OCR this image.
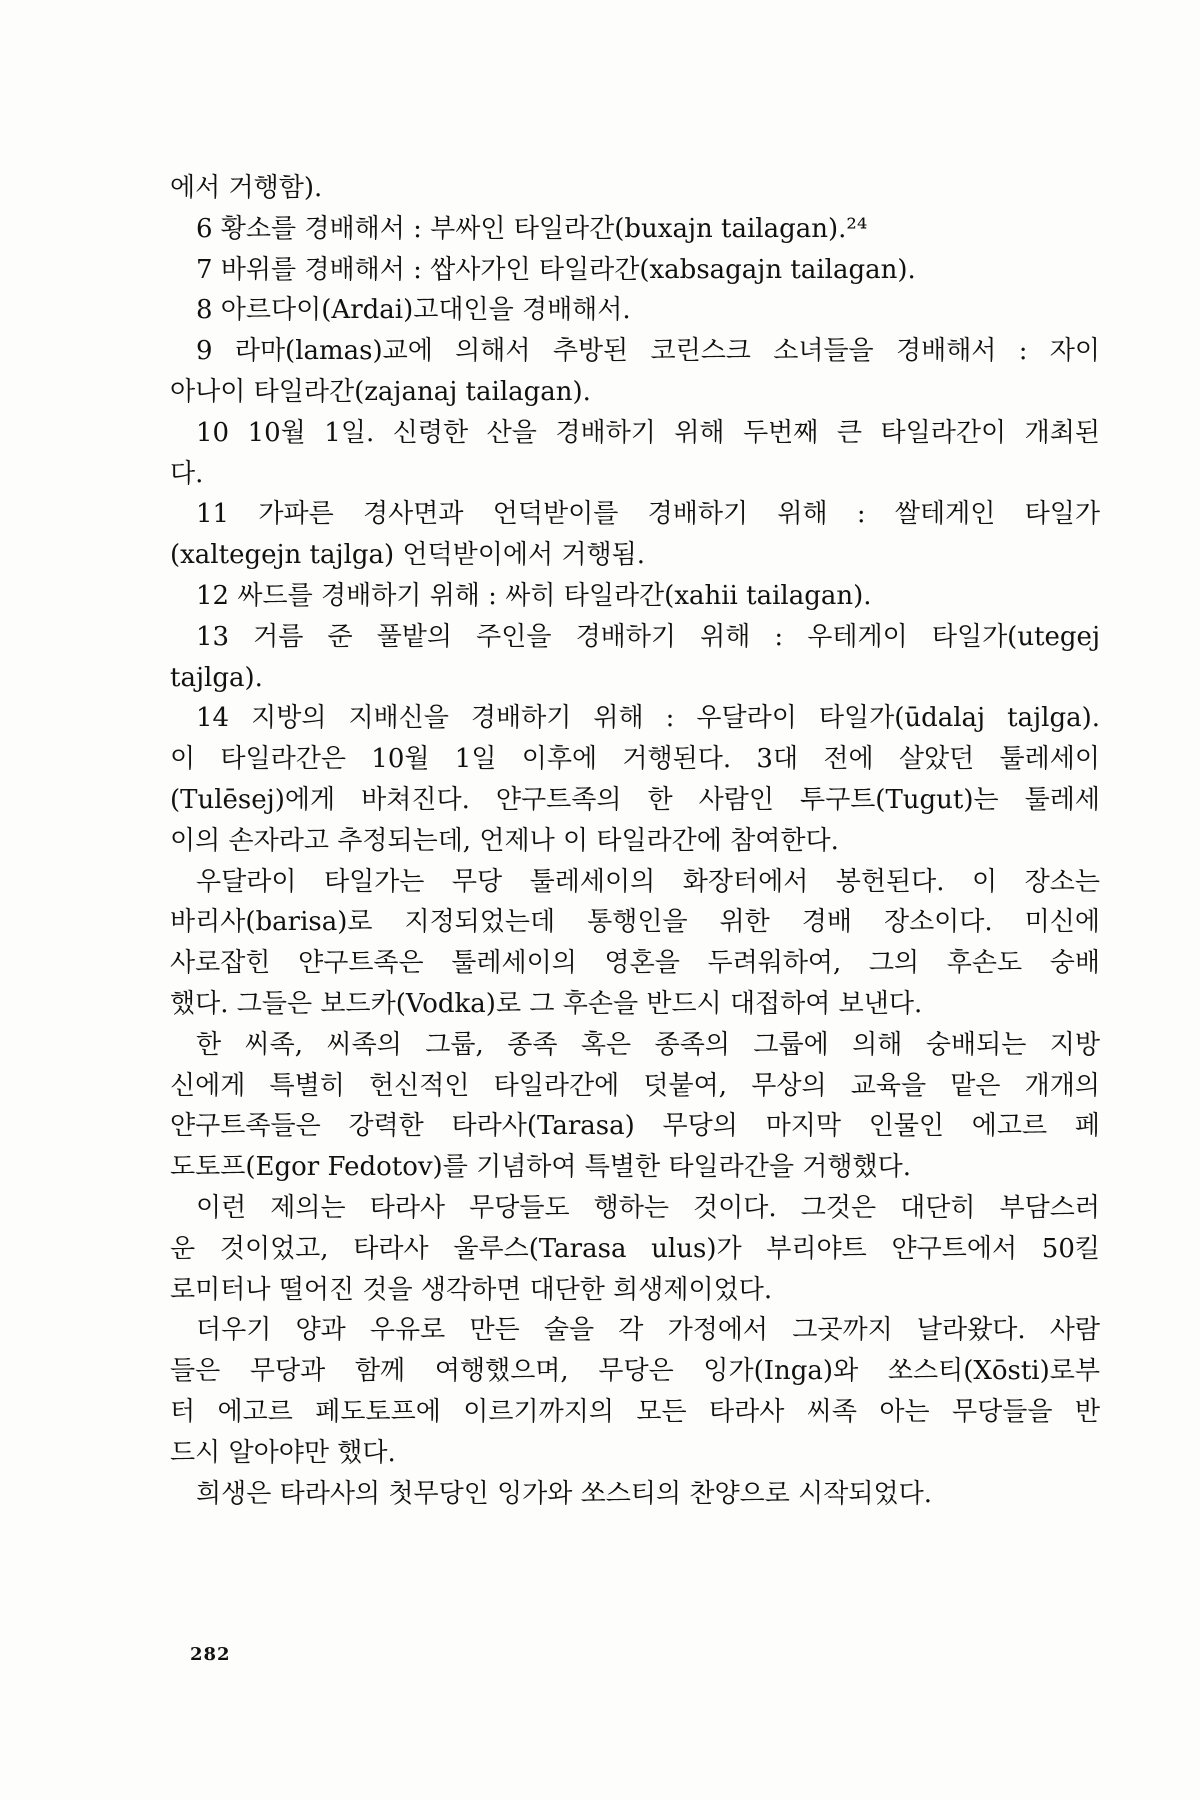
에서 거행함).
6 황소를 경배해서 : 부싸인 타일라간(buxajn tailagan).²⁴
7 바위를 경배해서 : 쌉사가인 타일라간(xabsagajn tailagan).
8 아르다이(Ardai)고대인을 경배해서.
9 라마(lamas)교에 의해서 추방된 코린스크 소녀들을 경배해서 : 자이
아나이 타일라간(zajanaj tailagan).
10 10월 1일. 신령한 산을 경배하기 위해 두번째 큰 타일라간이 개최된
다.
11 가파른 경사면과 언덕받이를 경배하기 위해 : 쌀테게인 타일가
(xaltegejn tajlga) 언덕받이에서 거행됨.
12 싸드를 경배하기 위해 : 싸히 타일라간(xahii tailagan).
13 거름 준 풀밭의 주인을 경배하기 위해 : 우테게이 타일가(utegej
tajlga).
14 지방의 지배신을 경배하기 위해 : 우달라이 타일가(ūdalaj tajlga).
이 타일라간은 10월 1일 이후에 거행된다. 3대 전에 살았던 툴레세이
(Tulēsej)에게 바쳐진다. 얀구트족의 한 사람인 투구트(Tugut)는 툴레세
이의 손자라고 추정되는데, 언제나 이 타일라간에 참여한다.
우달라이 타일가는 무당 툴레세이의 화장터에서 봉헌된다. 이 장소는
바리사(barisa)로 지정되었는데 통행인을 위한 경배 장소이다. 미신에
사로잡힌 얀구트족은 툴레세이의 영혼을 두려워하여, 그의 후손도 숭배
했다. 그들은 보드카(Vodka)로 그 후손을 반드시 대접하여 보낸다.
한 씨족, 씨족의 그룹, 종족 혹은 종족의 그룹에 의해 숭배되는 지방
신에게 특별히 헌신적인 타일라간에 덧붙여, 무상의 교육을 맡은 개개의
얀구트족들은 강력한 타라사(Tarasa) 무당의 마지막 인물인 에고르 페
도토프(Egor Fedotov)를 기념하여 특별한 타일라간을 거행했다.
이런 제의는 타라사 무당들도 행하는 것이다. 그것은 대단히 부담스러
운 것이었고, 타라사 울루스(Tarasa ulus)가 부리야트 얀구트에서 50킬
로미터나 떨어진 것을 생각하면 대단한 희생제이었다.
더우기 양과 우유로 만든 술을 각 가정에서 그곳까지 날라왔다. 사람
들은 무당과 함께 여행했으며, 무당은 잉가(Inga)와 쏘스티(Xōsti)로부
터 에고르 페도토프에 이르기까지의 모든 타라사 씨족 아는 무당들을 반
드시 알아야만 했다.
희생은 타라사의 첫무당인 잉가와 쏘스티의 찬양으로 시작되었다.
282
